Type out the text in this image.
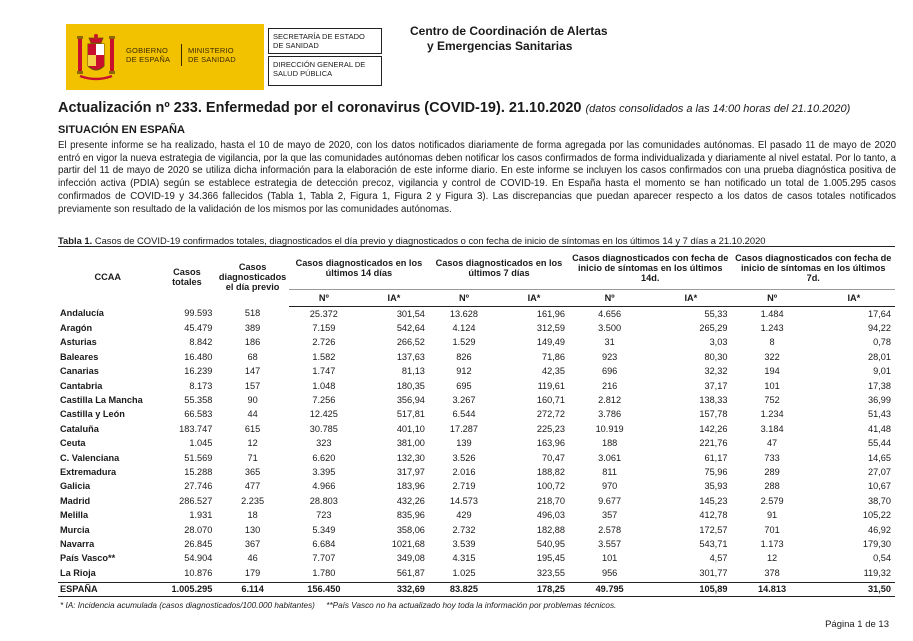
GOBIERNO
DE ESPAÑA
MINISTERIO
DE SANIDAD
SECRETARÍA DE ESTADO DE SANIDAD
DIRECCIÓN GENERAL DE SALUD PÚBLICA
Centro de Coordinación de Alertas
y Emergencias Sanitarias
Actualización nº 233. Enfermedad por el coronavirus (COVID-19). 21.10.2020 (datos consolidados a las 14:00 horas del 21.10.2020)
SITUACIÓN EN ESPAÑA
El presente informe se ha realizado, hasta el 10 de mayo de 2020, con los datos notificados diariamente de forma agregada por las comunidades autónomas. El pasado 11 de mayo de 2020 entró en vigor la nueva estrategia de vigilancia, por la que las comunidades autónomas deben notificar los casos confirmados de forma individualizada y diariamente al nivel estatal. Por lo tanto, a partir del 11 de mayo de 2020 se utiliza dicha información para la elaboración de este informe diario. En este informe se incluyen los casos confirmados con una prueba diagnóstica positiva de infección activa (PDIA) según se establece estrategia de detección precoz, vigilancia y control de COVID-19. En España hasta el momento se han notificado un total de 1.005.295 casos confirmados de COVID-19 y 34.366 fallecidos (Tabla 1, Tabla 2, Figura 1, Figura 2 y Figura 3). Las discrepancias que puedan aparecer respecto a los datos de casos totales notificados previamente son resultado de la validación de los mismos por las comunidades autónomas.
Tabla 1. Casos de COVID-19 confirmados totales, diagnosticados el día previo y diagnosticados o con fecha de inicio de síntomas en los últimos 14 y 7 días a 21.10.2020
CCAA	Casos totales	Casos diagnosticados el día previo	Casos diagnosticados en los últimos 14 días		Casos diagnosticados en los últimos 7 días		Casos diagnosticados con fecha de inicio de síntomas en los últimos 14d.		Casos diagnosticados con fecha de inicio de síntomas en los últimos 7d.	
			Nº	IA*	Nº	IA*	Nº	IA*	Nº	IA*
Andalucía	99.593	518	25.372	301,54	13.628	161,96	4.656	55,33	1.484	17,64
Aragón	45.479	389	7.159	542,64	4.124	312,59	3.500	265,29	1.243	94,22
Asturias	8.842	186	2.726	266,52	1.529	149,49	31	3,03	8	0,78
Baleares	16.480	68	1.582	137,63	826	71,86	923	80,30	322	28,01
Canarias	16.239	147	1.747	81,13	912	42,35	696	32,32	194	9,01
Cantabria	8.173	157	1.048	180,35	695	119,61	216	37,17	101	17,38
Castilla La Mancha	55.358	90	7.256	356,94	3.267	160,71	2.812	138,33	752	36,99
Castilla y León	66.583	44	12.425	517,81	6.544	272,72	3.786	157,78	1.234	51,43
Cataluña	183.747	615	30.785	401,10	17.287	225,23	10.919	142,26	3.184	41,48
Ceuta	1.045	12	323	381,00	139	163,96	188	221,76	47	55,44
C. Valenciana	51.569	71	6.620	132,30	3.526	70,47	3.061	61,17	733	14,65
Extremadura	15.288	365	3.395	317,97	2.016	188,82	811	75,96	289	27,07
Galicia	27.746	477	4.966	183,96	2.719	100,72	970	35,93	288	10,67
Madrid	286.527	2.235	28.803	432,26	14.573	218,70	9.677	145,23	2.579	38,70
Melilla	1.931	18	723	835,96	429	496,03	357	412,78	91	105,22
Murcia	28.070	130	5.349	358,06	2.732	182,88	2.578	172,57	701	46,92
Navarra	26.845	367	6.684	1021,68	3.539	540,95	3.557	543,71	1.173	179,30
País Vasco**	54.904	46	7.707	349,08	4.315	195,45	101	4,57	12	0,54
La Rioja	10.876	179	1.780	561,87	1.025	323,55	956	301,77	378	119,32
ESPAÑA	1.005.295	6.114	156.450	332,69	83.825	178,25	49.795	105,89	14.813	31,50
* IA: Incidencia acumulada (casos diagnosticados/100.000 habitantes)     **País Vasco no ha actualizado hoy toda la información por problemas técnicos.
Página 1 de 13
